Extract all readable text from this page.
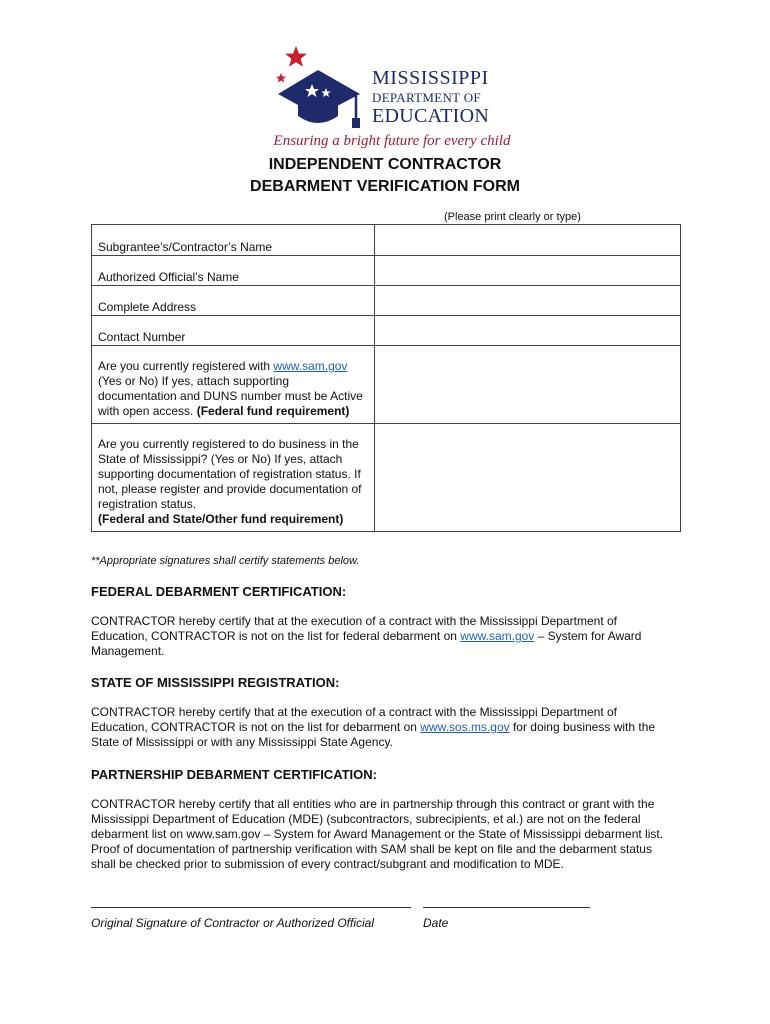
MISSISSIPPI
DEPARTMENT OF
EDUCATION
Ensuring a bright future for every child
INDEPENDENT CONTRACTOR
DEBARMENT VERIFICATION FORM
(Please print clearly or type)
Subgrantee’s/Contractor’s Name	
Authorized Official’s Name	
Complete Address	
Contact Number	
Are you currently registered with www.sam.gov (Yes or No) If yes, attach supporting documentation and DUNS number must be Active with open access. (Federal fund requirement)	
Are you currently registered to do business in the State of Mississippi? (Yes or No) If yes, attach supporting documentation of registration status. If not, please register and provide documentation of registration status.
(Federal and State/Other fund requirement)	
**Appropriate signatures shall certify statements below.
FEDERAL DEBARMENT CERTIFICATION:
CONTRACTOR hereby certify that at the execution of a contract with the Mississippi Department of Education, CONTRACTOR is not on the list for federal debarment on www.sam.gov – System for Award Management.
STATE OF MISSISSIPPI REGISTRATION:
CONTRACTOR hereby certify that at the execution of a contract with the Mississippi Department of Education, CONTRACTOR is not on the list for debarment on www.sos.ms.gov for doing business with the State of Mississippi or with any Mississippi State Agency.
PARTNERSHIP DEBARMENT CERTIFICATION:
CONTRACTOR hereby certify that all entities who are in partnership through this contract or grant with the Mississippi Department of Education (MDE) (subcontractors, subrecipients, et al.) are not on the federal debarment list on www.sam.gov – System for Award Management or the State of Mississippi debarment list. Proof of documentation of partnership verification with SAM shall be kept on file and the debarment status shall be checked prior to submission of every contract/subgrant and modification to MDE.
Original Signature of Contractor or Authorized Official	Date
